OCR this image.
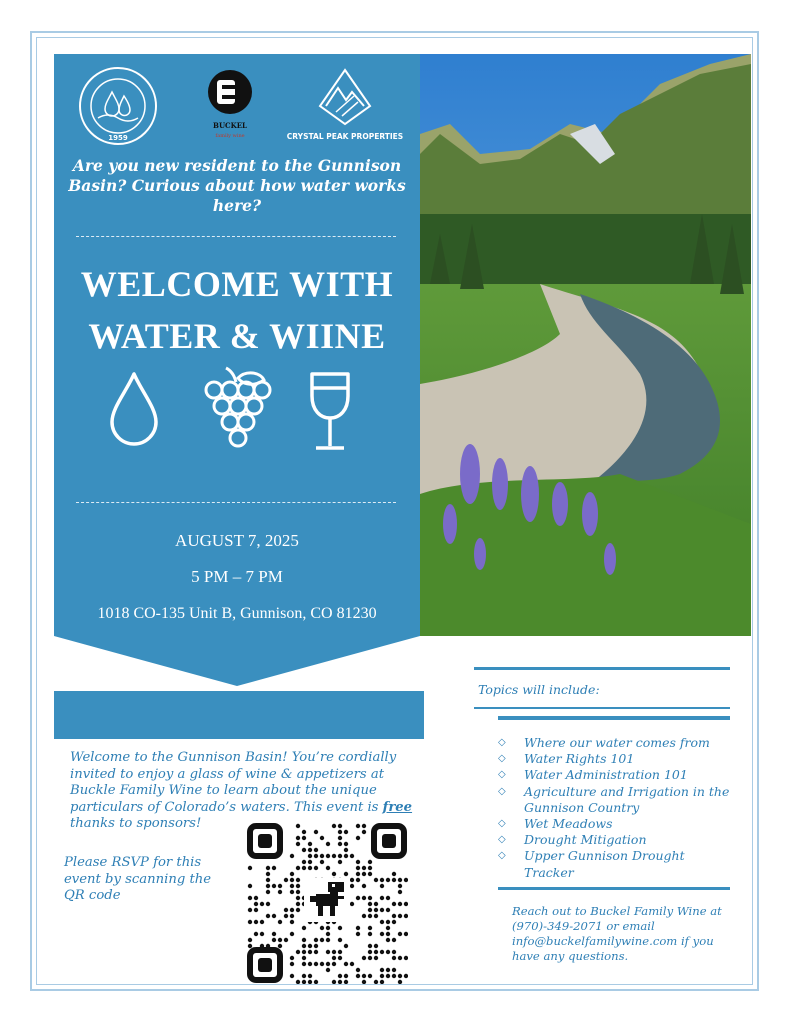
1959
BUCKEL
family wine	CRYSTAL PEAK PROPERTIES
Are you new resident to the Gunnison Basin? Curious about how water works here?
WELCOME WITH
WATER & WIINE
AUGUST 7, 2025
5 PM – 7 PM
1018 CO-135 Unit B, Gunnison, CO 81230
Welcome to the Gunnison Basin! You’re cordially invited to enjoy a glass of wine & appetizers at Buckle Family Wine to learn about the unique particulars of Colorado’s waters. This event is free thanks to sponsors!
Please RSVP for this event by scanning the QR code
Topics will include:
◇ Where our water comes from
◇ Water Rights 101
◇ Water Administration 101
◇ Agriculture and Irrigation in the Gunnison Country
◇ Wet Meadows
◇ Drought Mitigation
◇ Upper Gunnison Drought Tracker
Reach out to Buckel Family Wine at (970)-349-2071 or email info@buckelfamilywine.com if you have any questions.
